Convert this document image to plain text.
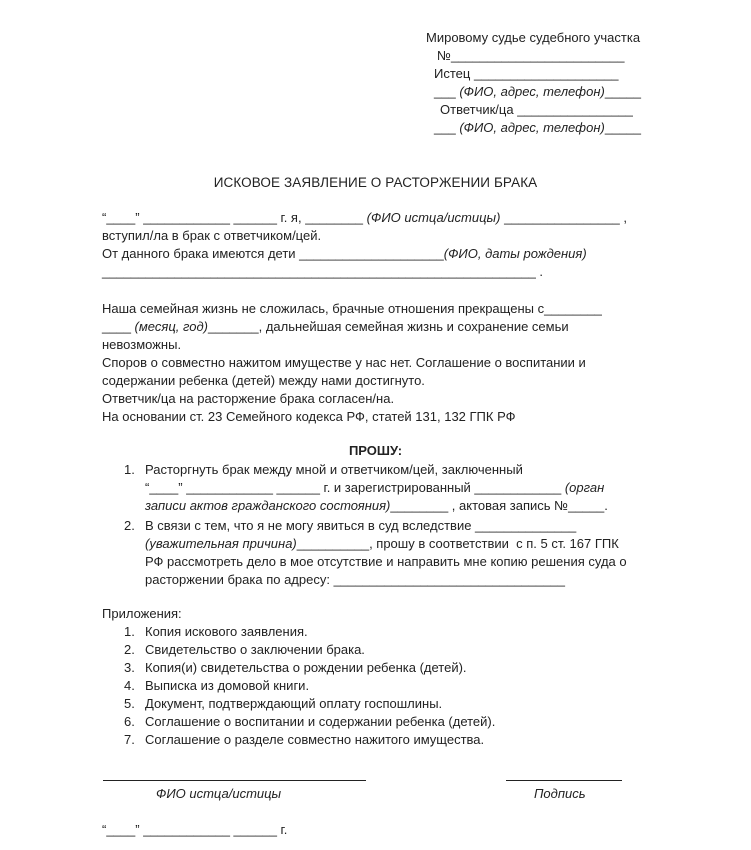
Мировому судье судебного участка
№________________________
Истец ____________________
___ (ФИО, адрес, телефон)_____
Ответчик/ца ________________
___ (ФИО, адрес, телефон)_____
ИСКОВОЕ ЗАЯВЛЕНИЕ О РАСТОРЖЕНИИ БРАКА
“____” ____________ ______ г. я, ________ (ФИО истца/истицы) ________________ ,
вступил/ла в брак с ответчиком/цей.
От данного брака имеются дети ____________________(ФИО, даты рождения)
____________________________________________________________ .
Наша семейная жизнь не сложилась, брачные отношения прекращены с________
____ (месяц, год)_______, дальнейшая семейная жизнь и сохранение семьи
невозможны.
Споров о совместно нажитом имуществе у нас нет. Соглашение о воспитании и
содержании ребенка (детей) между нами достигнуто.
Ответчик/ца на расторжение брака согласен/на.
На основании ст. 23 Семейного кодекса РФ, статей 131, 132 ГПК РФ
ПРОШУ:
1. Расторгнуть брак между мной и ответчиком/цей, заключенный
“____” ____________ ______ г. и зарегистрированный ____________ (орган
записи актов гражданского состояния)________ , актовая запись №_____.
2. В связи с тем, что я не могу явиться в суд вследствие ______________
(уважительная причина)__________, прошу в соответствии  с п. 5 ст. 167 ГПК
РФ рассмотреть дело в мое отсутствие и направить мне копию решения суда о
расторжении брака по адресу: ________________________________
Приложения:
1. Копия искового заявления.
2. Свидетельство о заключении брака.
3. Копия(и) свидетельства о рождении ребенка (детей).
4. Выписка из домовой книги.
5. Документ, подтверждающий оплату госпошлины.
6. Соглашение о воспитании и содержании ребенка (детей).
7. Соглашение о разделе совместно нажитого имущества.
ФИО истца/истицы	Подпись
“____” ____________ ______ г.
